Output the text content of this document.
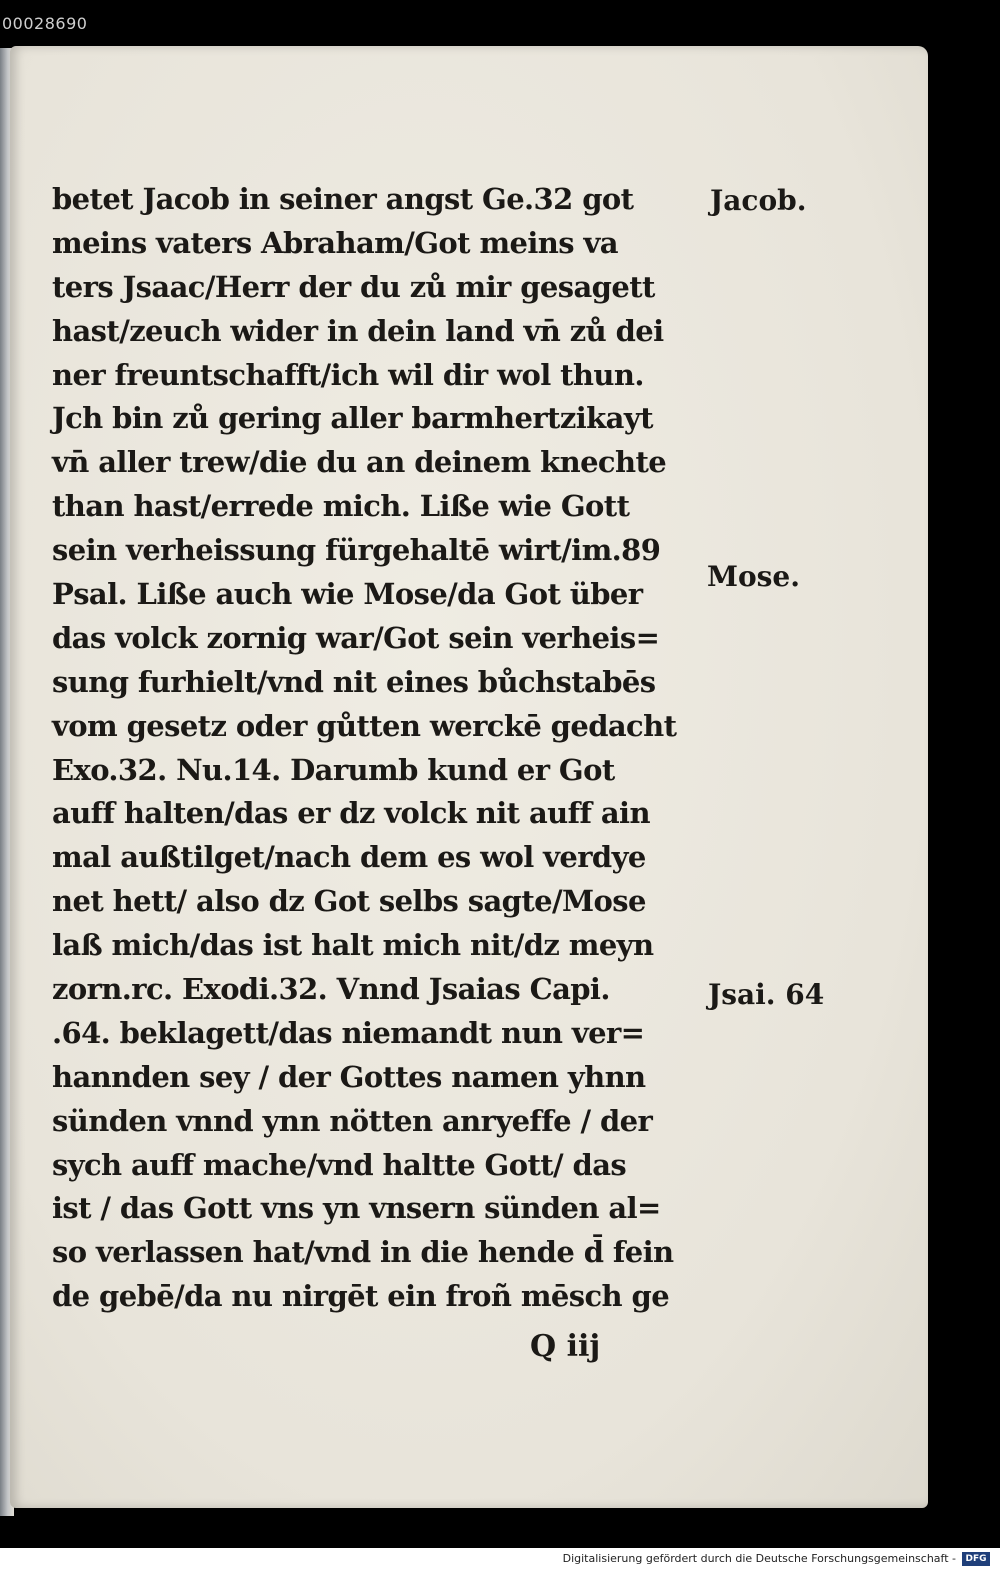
00028690
betet Jacob in seiner angst Ge.32 got
meins vaters Abraham/Got meins va
ters Jsaac/Herr der du zů mir gesagett
hast/zeuch wider in dein land vn̄ zů dei
ner freuntschafft/ich wil dir wol thun.
Jch bin zů gering aller barmhertzikayt
vn̄ aller trew/die du an deinem knechte
than hast/errede mich. Liße wie Gott
sein verheissung fürgehaltē wirt/im.89
Psal. Liße auch wie Mose/da Got über
das volck zornig war/Got sein verheis=
sung furhielt/vnd nit eines bůchstabēs
vom gesetz oder gůtten werckē gedacht
Exo.32. Nu.14. Darumb kund er Got
auff halten/das er dz volck nit auff ain
mal außtilget/nach dem es wol verdye
net hett/ also dz Got selbs sagte/Mose
laß mich/das ist halt mich nit/dz meyn
zorn.rc. Exodi.32. Vnnd Jsaias Capi.
.64. beklagett/das niemandt nun ver=
hannden sey / der Gottes namen yhnn
sünden vnnd ynn nötten anryeffe / der
sych auff mache/vnd haltte Gott/ das
ist / das Gott vns yn vnsern sünden al=
so verlassen hat/vnd in die hende d̄ fein
de gebē/da nu nirgēt ein froñ mēsch ge
Jacob.
Mose.
Jsai. 64
Q iij
Digitalisierung gefördert durch die Deutsche Forschungsgemeinschaft -	DFG
